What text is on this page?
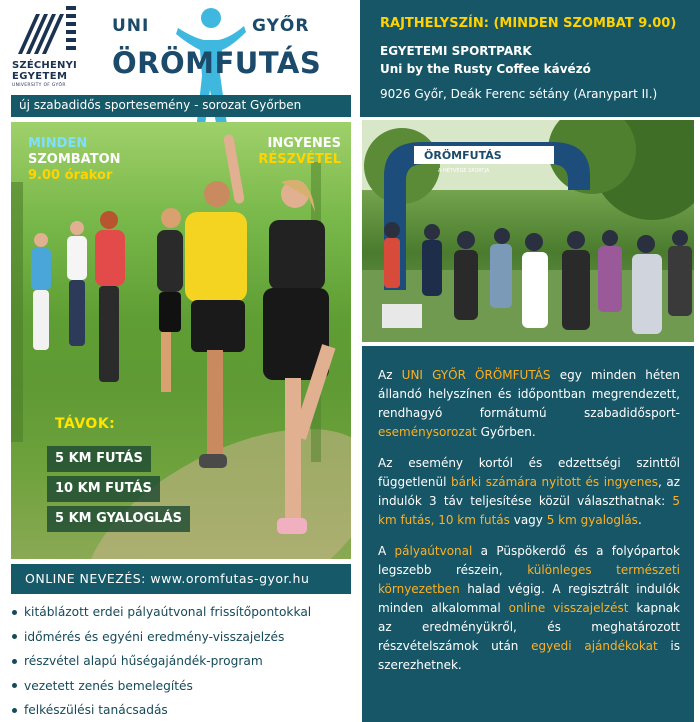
SZÉCHENYI
EGYETEM
UNIVERSITY OF GYŐR
UNI	GYŐR
ÖRÖMFUTÁS
új szabadidős sportesemény - sorozat Győrben
MINDEN
SZOMBATON
9.00 órakor
INGYENES
RÉSZVÉTEL
TÁVOK:
5 KM FUTÁS
10 KM FUTÁS
5 KM GYALOGLÁS
ONLINE NEVEZÉS: www.oromfutas-gyor.hu
kitáblázott erdei pályaútvonal frissítőpontokkal
időmérés és egyéni eredmény-visszajelzés
részvétel alapú hűségajándék-program
vezetett zenés bemelegítés
felkészülési tanácsadás
RAJTHELYSZÍN: (MINDEN SZOMBAT 9.00)
EGYETEMI SPORTPARK
Uni by the Rusty Coffee kávézó
9026 Győr, Deák Ferenc sétány (Aranypart II.)
ÖRÖMFUTÁS
A HÉTVÉGE SPORTJA

Az UNI GYŐR ÖRÖMFUTÁS egy minden héten állandó helyszínen és időpontban megrendezett, rendhagyó formátumú szabadidősport-eseménysorozat Győrben.

Az esemény kortól és edzettségi szinttől függetlenül bárki számára nyitott és ingyenes, az indulók 3 táv teljesítése közül választhatnak: 5 km futás, 10 km futás vagy 5 km gyaloglás.

A pályaútvonal a Püspökerdő és a folyópartok legszebb részein, különleges természeti környezetben halad végig. A regisztrált indulók minden alkalommal online visszajelzést kapnak az eredményükről, és meghatározott részvételszámok után egyedi ajándékokat is szerezhetnek.
